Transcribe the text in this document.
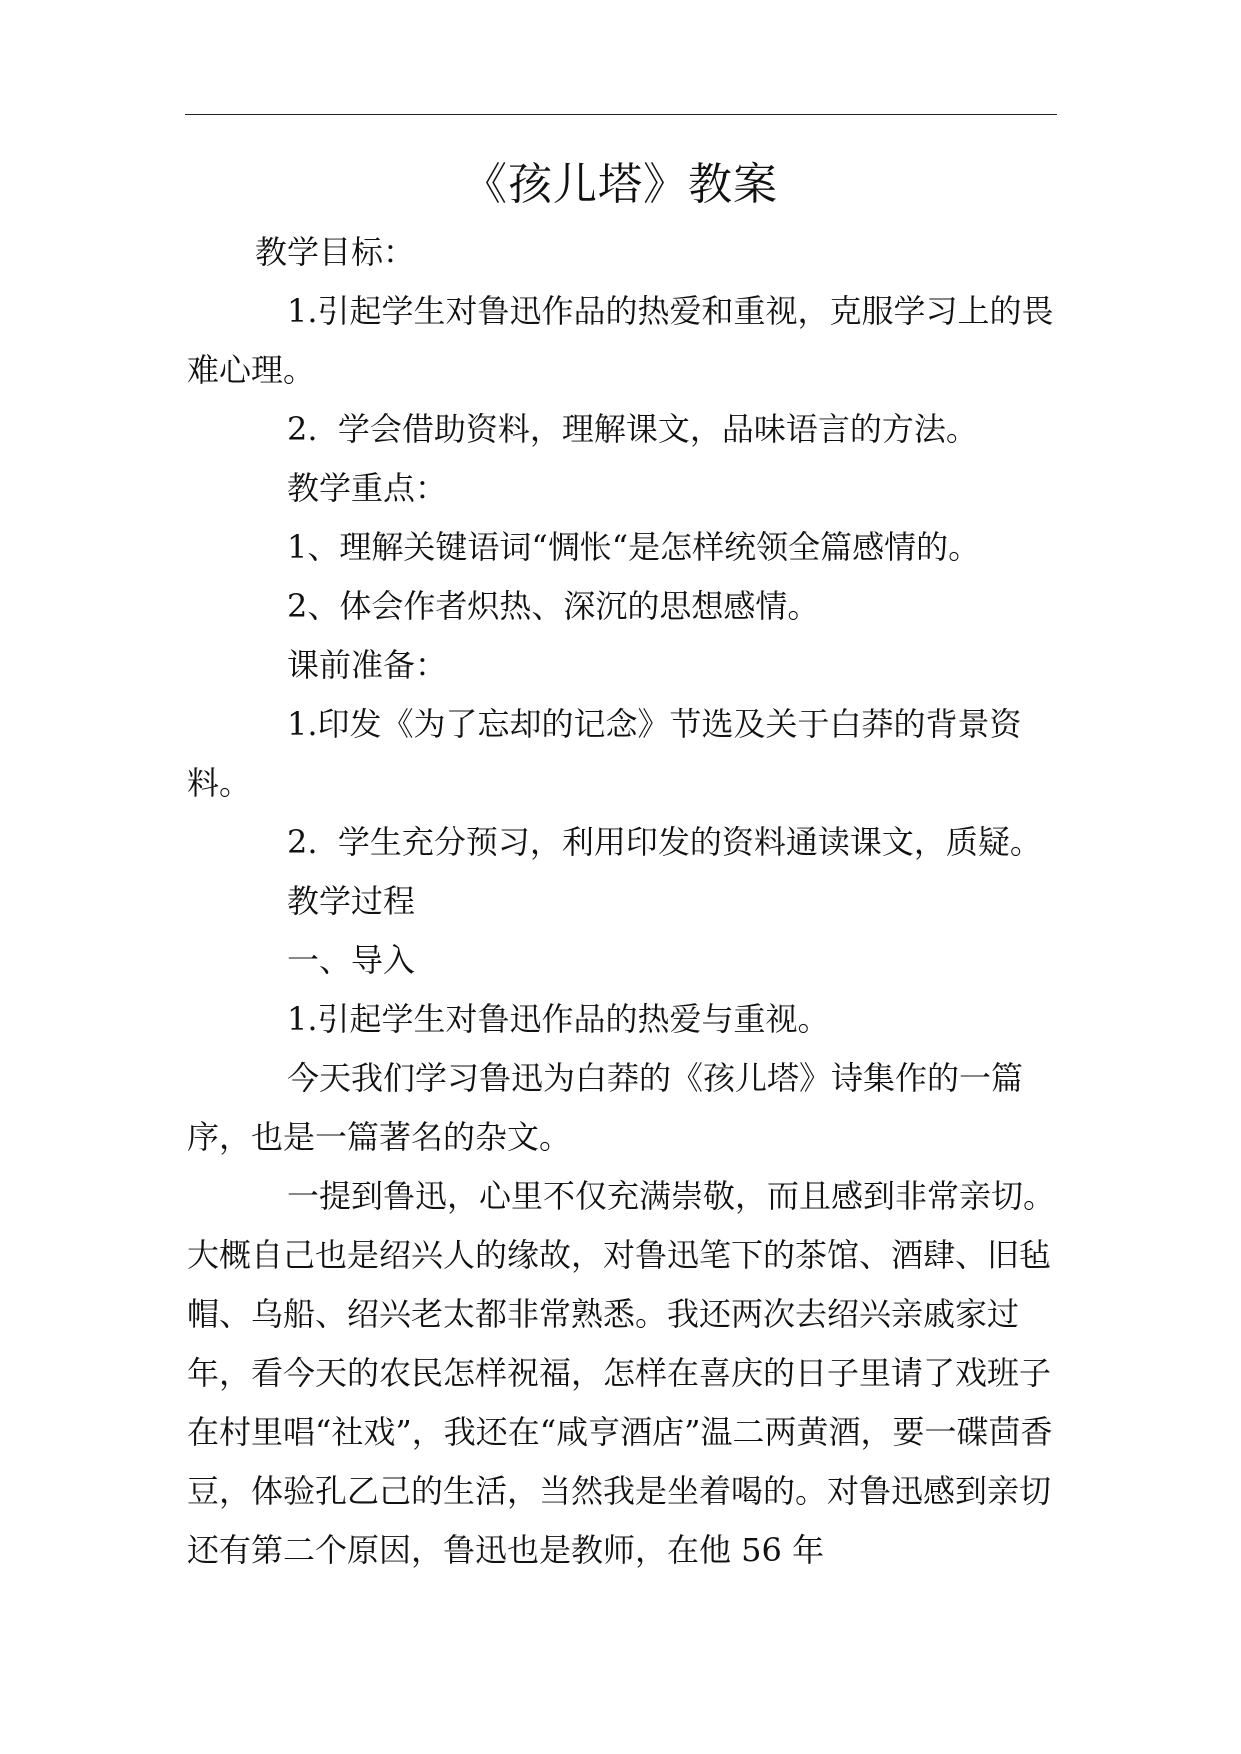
《孩儿塔》教案

教学目标：

1.引起学生对鲁迅作品的热爱和重视，克服学习上的畏难心理。

2.  学会借助资料，理解课文，品味语言的方法。

教学重点：

1、理解关键语词“惆怅“是怎样统领全篇感情的。

2、体会作者炽热、深沉的思想感情。

课前准备：

1.印发《为了忘却的记念》节选及关于白莽的背景资料。

2.  学生充分预习，利用印发的资料通读课文，质疑。

教学过程

一、导入

1.引起学生对鲁迅作品的热爱与重视。

今天我们学习鲁迅为白莽的《孩儿塔》诗集作的一篇序，也是一篇著名的杂文。

一提到鲁迅，心里不仅充满崇敬，而且感到非常亲切。大概自己也是绍兴人的缘故，对鲁迅笔下的茶馆、酒肆、旧毡帽、乌船、绍兴老太都非常熟悉。我还两次去绍兴亲戚家过年，看今天的农民怎样祝福，怎样在喜庆的日子里请了戏班子在村里唱“社戏”，我还在“咸亨酒店”温二两黄酒，要一碟茴香豆，体验孔乙己的生活，当然我是坐着喝的。对鲁迅感到亲切还有第二个原因，鲁迅也是教师，在他 56 年
